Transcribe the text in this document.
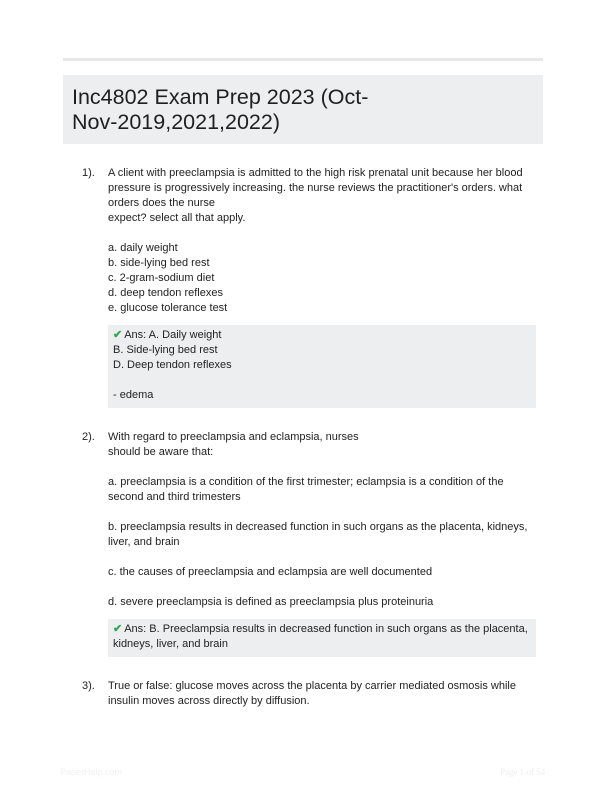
Inc4802 Exam Prep 2023 (Oct-Nov-2019,2021,2022)
1). A client with preeclampsia is admitted to the high risk prenatal unit because her blood

pressure is progressively increasing. the nurse reviews the practitioner's orders. what

orders does the nurse

expect? select all that apply.

a. daily weight

b. side-lying bed rest

c. 2-gram-sodium diet

d. deep tendon reflexes

e. glucose tolerance test

✔ Ans: A. Daily weight

B. Side-lying bed rest

D. Deep tendon reflexes

- edema

2). With regard to preeclampsia and eclampsia, nurses

should be aware that:

a. preeclampsia is a condition of the first trimester; eclampsia is a condition of the second and third trimesters

b. preeclampsia results in decreased function in such organs as the placenta, kidneys, liver, and brain

c. the causes of preeclampsia and eclampsia are well documented

d. severe preeclampsia is defined as preeclampsia plus proteinuria

✔ Ans: B. Preeclampsia results in decreased function in such organs as the placenta, kidneys, liver, and brain

3). True or false: glucose moves across the placenta by carrier mediated osmosis while insulin moves across directly by diffusion.

PaperHelp.com	Page 1 of 54
